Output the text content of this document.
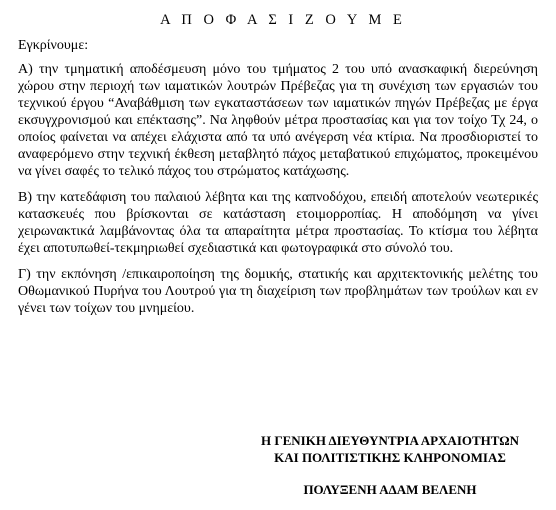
Α Π Ο Φ Α Σ Ι Ζ Ο Υ Μ Ε

Εγκρίνουμε:

Α) την τμηματική αποδέσμευση μόνο του τμήματος 2 του υπό ανασκαφική διερεύνηση χώρου στην περιοχή των ιαματικών λουτρών Πρέβεζας για τη συνέχιση των εργασιών του τεχνικού έργου “Αναβάθμιση των εγκαταστάσεων των ιαματικών πηγών Πρέβεζας με έργα εκσυγχρονισμού και επέκτασης”. Να ληφθούν μέτρα προστασίας και για τον τοίχο Τχ 24, ο οποίος φαίνεται να απέχει ελάχιστα από τα υπό ανέγερση νέα κτίρια. Να προσδιοριστεί το αναφερόμενο στην τεχνική έκθεση μεταβλητό πάχος μεταβατικού επιχώματος, προκειμένου να γίνει σαφές το τελικό πάχος του στρώματος κατάχωσης.

Β) την κατεδάφιση του παλαιού λέβητα και της καπνοδόχου, επειδή αποτελούν νεωτερικές κατασκευές που βρίσκονται σε κατάσταση ετοιμορροπίας. Η αποδόμηση να γίνει χειρωνακτικά λαμβάνοντας όλα τα απαραίτητα μέτρα προστασίας. Το κτίσμα του λέβητα έχει αποτυπωθεί-τεκμηριωθεί σχεδιαστικά και φωτογραφικά στο σύνολό του.

Γ) την εκπόνηση /επικαιροποίηση της δομικής, στατικής και αρχιτεκτονικής μελέτης του Οθωμανικού Πυρήνα του Λουτρού για τη διαχείριση των προβλημάτων των τρούλων και εν γένει των τοίχων του μνημείου.

Η ΓΕΝΙΚΗ ΔΙΕΥΘΥΝΤΡΙΑ ΑΡΧΑΙΟΤΗΤΩΝ
ΚΑΙ ΠΟΛΙΤΙΣΤΙΚΗΣ ΚΛΗΡΟΝΟΜΙΑΣ
ΠΟΛΥΞΕΝΗ ΑΔΑΜ ΒΕΛΕΝΗ
